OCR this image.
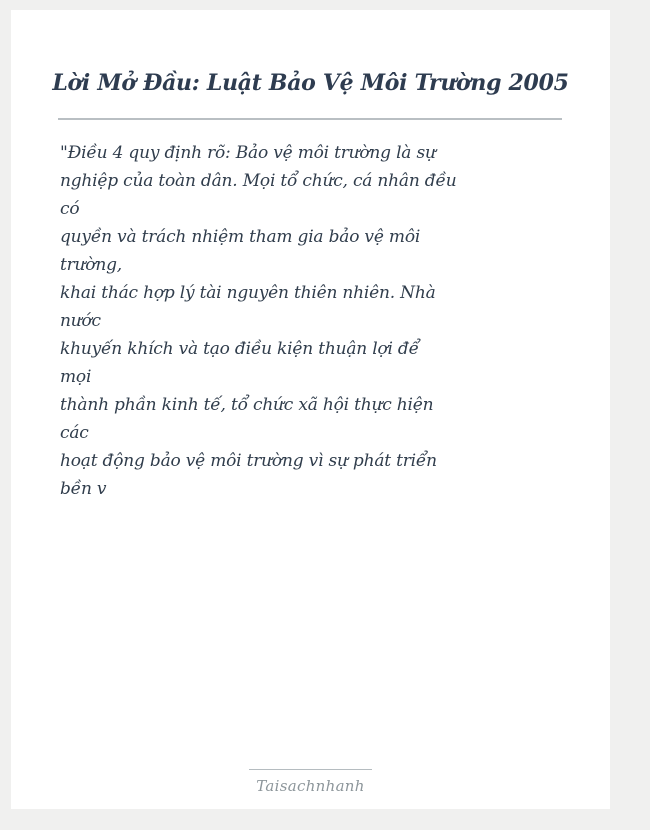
Lời Mở Đầu: Luật Bảo Vệ Môi Trường 2005
"Điều 4 quy định rõ: Bảo vệ môi trường là sự
nghiệp của toàn dân. Mọi tổ chức, cá nhân đều
có
quyền và trách nhiệm tham gia bảo vệ môi
trường,
khai thác hợp lý tài nguyên thiên nhiên. Nhà
nước
khuyến khích và tạo điều kiện thuận lợi để
mọi
thành phần kinh tế, tổ chức xã hội thực hiện
các
hoạt động bảo vệ môi trường vì sự phát triển
bền v
Taisachnhanh
